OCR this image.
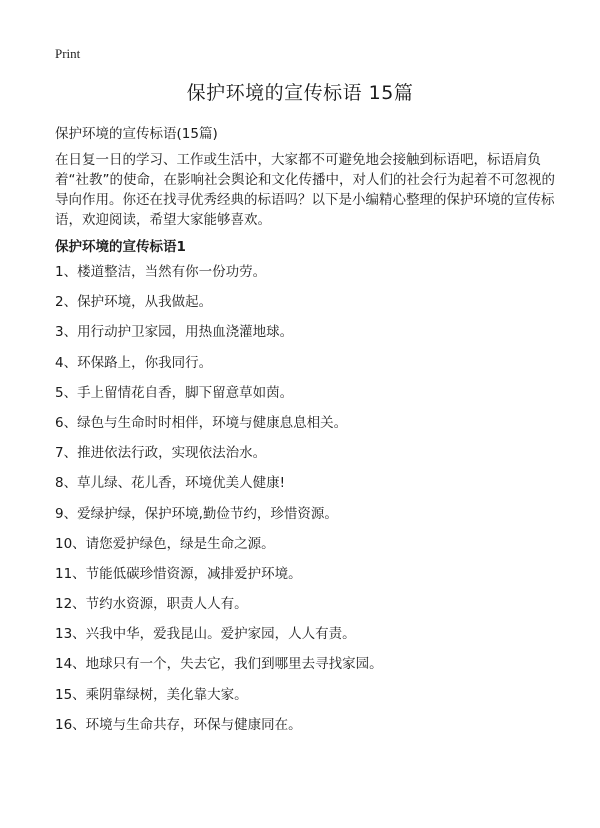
Print
保护环境的宣传标语 15篇

保护环境的宣传标语(15篇)

在日复一日的学习、工作或生活中，大家都不可避免地会接触到标语吧，标语肩负着“社教”的使命，在影响社会舆论和文化传播中，对人们的社会行为起着不可忽视的导向作用。你还在找寻优秀经典的标语吗？以下是小编精心整理的保护环境的宣传标语，欢迎阅读，希望大家能够喜欢。

保护环境的宣传标语1
1、楼道整洁，当然有你一份功劳。
2、保护环境，从我做起。
3、用行动护卫家园，用热血浇灌地球。
4、环保路上，你我同行。
5、手上留情花自香，脚下留意草如茵。
6、绿色与生命时时相伴，环境与健康息息相关。
7、推进依法行政，实现依法治水。
8、草儿绿、花儿香，环境优美人健康!
9、爱绿护绿，保护环境,勤俭节约，珍惜资源。
10、请您爱护绿色，绿是生命之源。
11、节能低碳珍惜资源，减排爱护环境。
12、节约水资源，职责人人有。
13、兴我中华，爱我昆山。爱护家园，人人有责。
14、地球只有一个，失去它，我们到哪里去寻找家园。
15、乘阴靠绿树，美化靠大家。
16、环境与生命共存，环保与健康同在。
